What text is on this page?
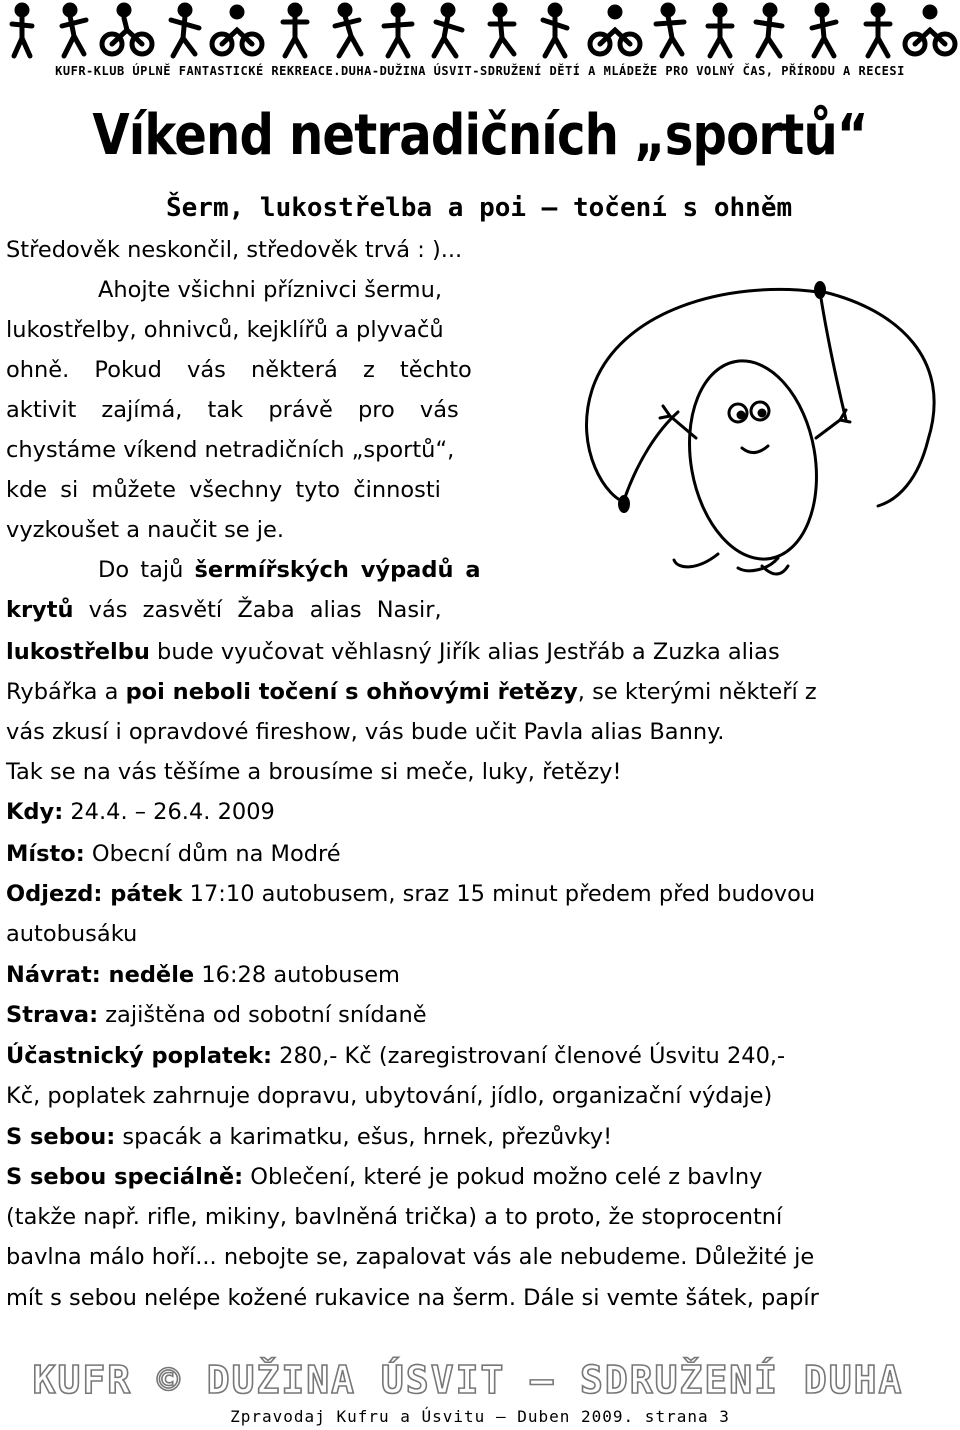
KUFR-KLUB ÚPLNĚ FANTASTICKÉ REKREACE.DUHA-DUŽINA ÚSVIT-SDRUŽENÍ DĚTÍ A MLÁDEŽE PRO VOLNÝ ČAS, PŘÍRODU A RECESI
Víkend netradičních „sportů“
Šerm, lukostřelba a poi – točení s ohněm
Středověk neskončil, středověk trvá : )...
Ahojte všichni příznivci šermu,
lukostřelby, ohnivců, kejklířů a plyvačů
ohně. Pokud vás některá z těchto
aktivit zajímá, tak právě pro vás
chystáme víkend netradičních „sportů“,
kde si můžete všechny tyto činnosti
vyzkoušet a naučit se je.
Do tajů šermířských výpadů a
krytů vás zasvětí Žaba alias Nasir,
lukostřelbu bude vyučovat věhlasný Jiřík alias Jestřáb a Zuzka alias
Rybářka a poi neboli točení s ohňovými řetězy, se kterými někteří z
vás zkusí i opravdové fireshow, vás bude učit Pavla alias Banny.
Tak se na vás těšíme a brousíme si meče, luky, řetězy!
Kdy: 24.4. – 26.4. 2009
Místo: Obecní dům na Modré
Odjezd: pátek 17:10 autobusem, sraz 15 minut předem před budovou
autobusáku
Návrat: neděle 16:28 autobusem
Strava: zajištěna od sobotní snídaně
Účastnický poplatek: 280,- Kč (zaregistrovaní členové Úsvitu 240,-
Kč, poplatek zahrnuje dopravu, ubytování, jídlo, organizační výdaje)
S sebou: spacák a karimatku, ešus, hrnek, přezůvky!
S sebou speciálně: Oblečení, které je pokud možno celé z bavlny
(takže např. rifle, mikiny, bavlněná trička) a to proto, že stoprocentní
bavlna málo hoří... nebojte se, zapalovat vás ale nebudeme. Důležité je
mít s sebou nelépe kožené rukavice na šerm. Dále si vemte šátek, papír
KUFR © DUŽINA ÚSVIT – SDRUŽENÍ DUHA
Zpravodaj Kufru a Úsvitu – Duben 2009. strana 3
